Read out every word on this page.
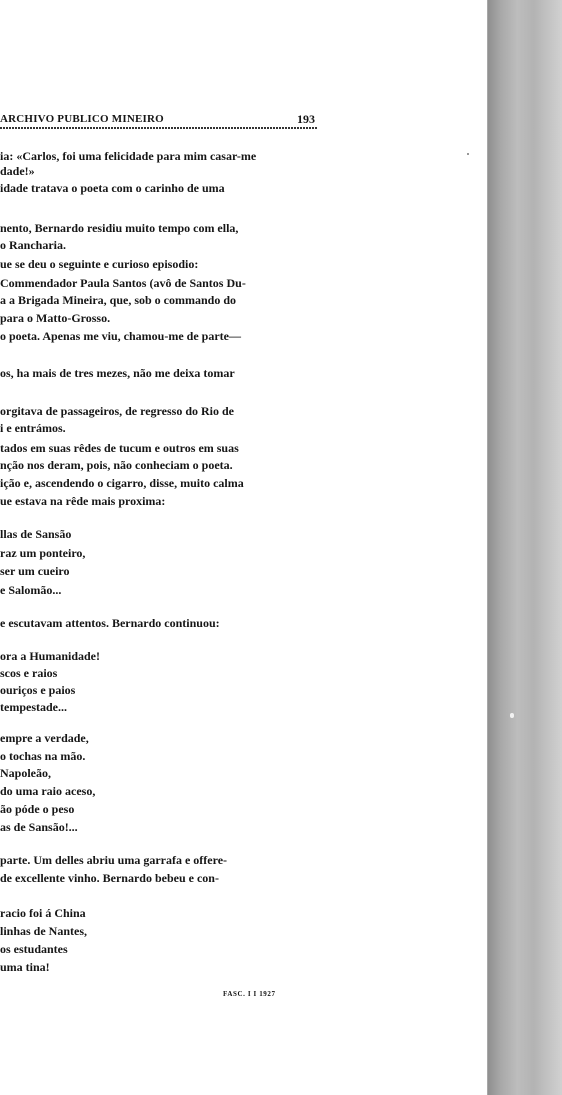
ARCHIVO PUBLICO MINEIRO	193
ia: «Carlos, foi uma felicidade para mim casar-me
dade!»
idade tratava o poeta com o carinho de uma
nento, Bernardo residiu muito tempo com ella,
o Rancharia.
ue se deu o seguinte e curioso episodio:
Commendador Paula Santos (avô de Santos Du-
a a Brigada Mineira, que, sob o commando do
para o Matto-Grosso.
o poeta. Apenas me viu, chamou-me de parte—
os, ha mais de tres mezes, não me deixa tomar
orgitava de passageiros, de regresso do Rio de
i e entrámos.
tados em suas rêdes de tucum e outros em suas
nção nos deram, pois, não conheciam o poeta.
ição e, ascendendo o cigarro, disse, muito calma
ue estava na rêde mais proxima:
llas de Sansão
raz um ponteiro,
ser um cueiro
e Salomão...
e escutavam attentos. Bernardo continuou:
ora a Humanidade!
scos e raios
ouriços e paios
tempestade...
empre a verdade,
o tochas na mão.
Napoleão,
do uma raio aceso,
ão póde o peso
as de Sansão!...
parte. Um delles abriu uma garrafa e offere-
de excellente vinho. Bernardo bebeu e con-
racio foi á China
linhas de Nantes,
os estudantes
uma tina!
FASC. I I 1927
